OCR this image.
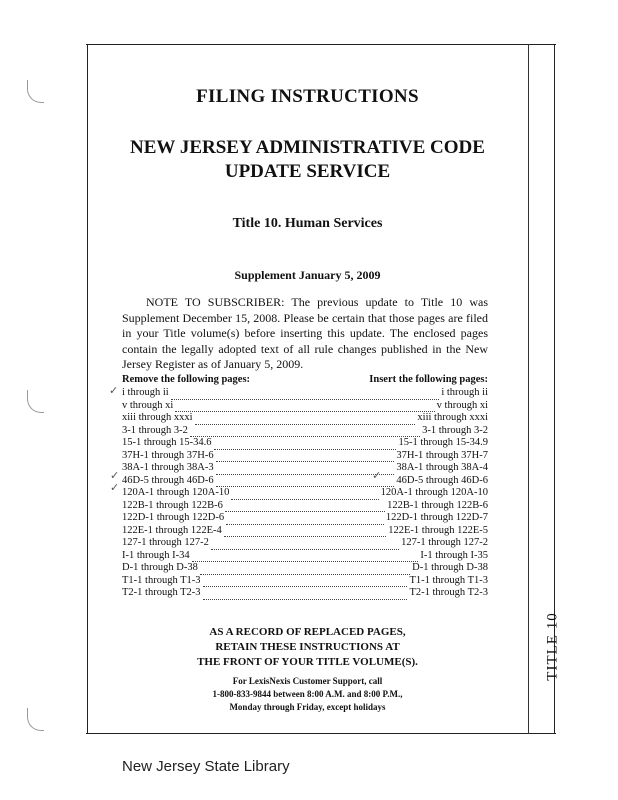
TITLE 10
FILING INSTRUCTIONS
NEW JERSEY ADMINISTRATIVE CODE
UPDATE SERVICE
Title 10. Human Services
Supplement January 5, 2009

NOTE TO SUBSCRIBER: The previous update to Title 10 was Supplement December 15, 2008. Please be certain that those pages are filed in your Title volume(s) before inserting this update. The enclosed pages contain the legally adopted text of all rule changes published in the New Jersey Register as of January 5, 2009.

Remove the following pages:	Insert the following pages:
i through ii	i through ii
v through xi	v through xi
xiii through xxxi	xiii through xxxi
3-1 through 3-2	3-1 through 3-2
15-1 through 15-34.6	15-1 through 15-34.9
37H-1 through 37H-6	37H-1 through 37H-7
38A-1 through 38A-3	38A-1 through 38A-4
46D-5 through 46D-6	46D-5 through 46D-6
120A-1 through 120A-10	120A-1 through 120A-10
122B-1 through 122B-6	122B-1 through 122B-6
122D-1 through 122D-6	122D-1 through 122D-7
122E-1 through 122E-4	122E-1 through 122E-5
127-1 through 127-2	127-1 through 127-2
I-1 through I-34	I-1 through I-35
D-1 through D-38	D-1 through D-38
T1-1 through T1-3	T1-1 through T1-3
T2-1 through T2-3	T2-1 through T2-3
✓
✓
✓
✓
AS A RECORD OF REPLACED PAGES,
RETAIN THESE INSTRUCTIONS AT
THE FRONT OF YOUR TITLE VOLUME(S).
For LexisNexis Customer Support, call
1-800-833-9844 between 8:00 A.M. and 8:00 P.M.,
Monday through Friday, except holidays
New Jersey State Library
